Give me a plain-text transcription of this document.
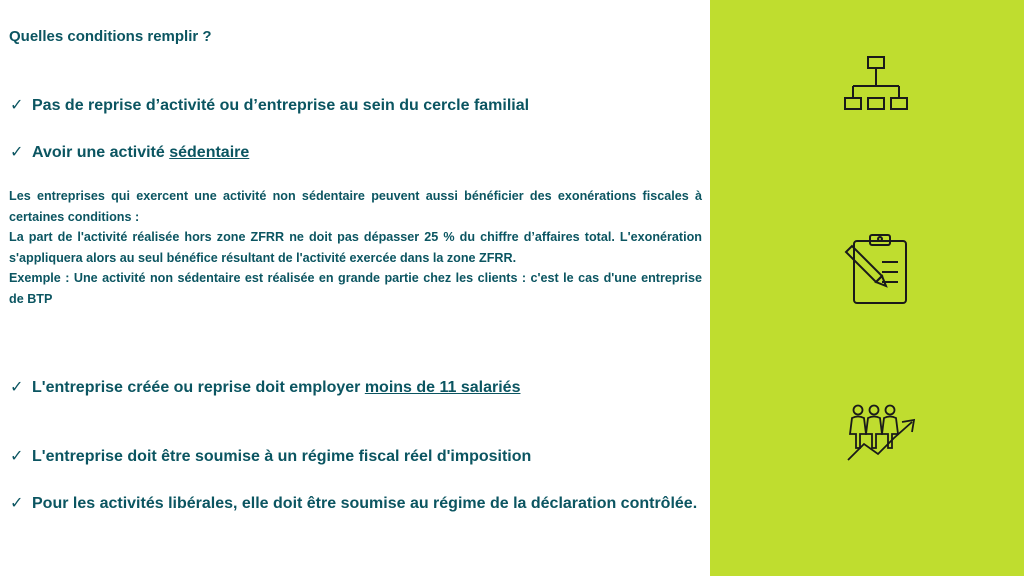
Quelles conditions remplir ?
✓ Pas de reprise d’activité ou d’entreprise au sein du cercle familial
✓ Avoir une activité sédentaire
Les entreprises qui exercent une activité non sédentaire peuvent aussi bénéficier des exonérations fiscales à certaines conditions :
La part de l'activité réalisée hors zone ZFRR ne doit pas dépasser 25 % du chiffre d’affaires total. L'exonération s'appliquera alors au seul bénéfice résultant de l'activité exercée dans la zone ZFRR.
Exemple : Une activité non sédentaire est réalisée en grande partie chez les clients : c'est le cas d'une entreprise de BTP
✓ L'entreprise créée ou reprise doit employer moins de 11 salariés
✓ L'entreprise doit être soumise à un régime fiscal réel d'imposition
✓ Pour les activités libérales, elle doit être soumise au régime de la déclaration contrôlée.
